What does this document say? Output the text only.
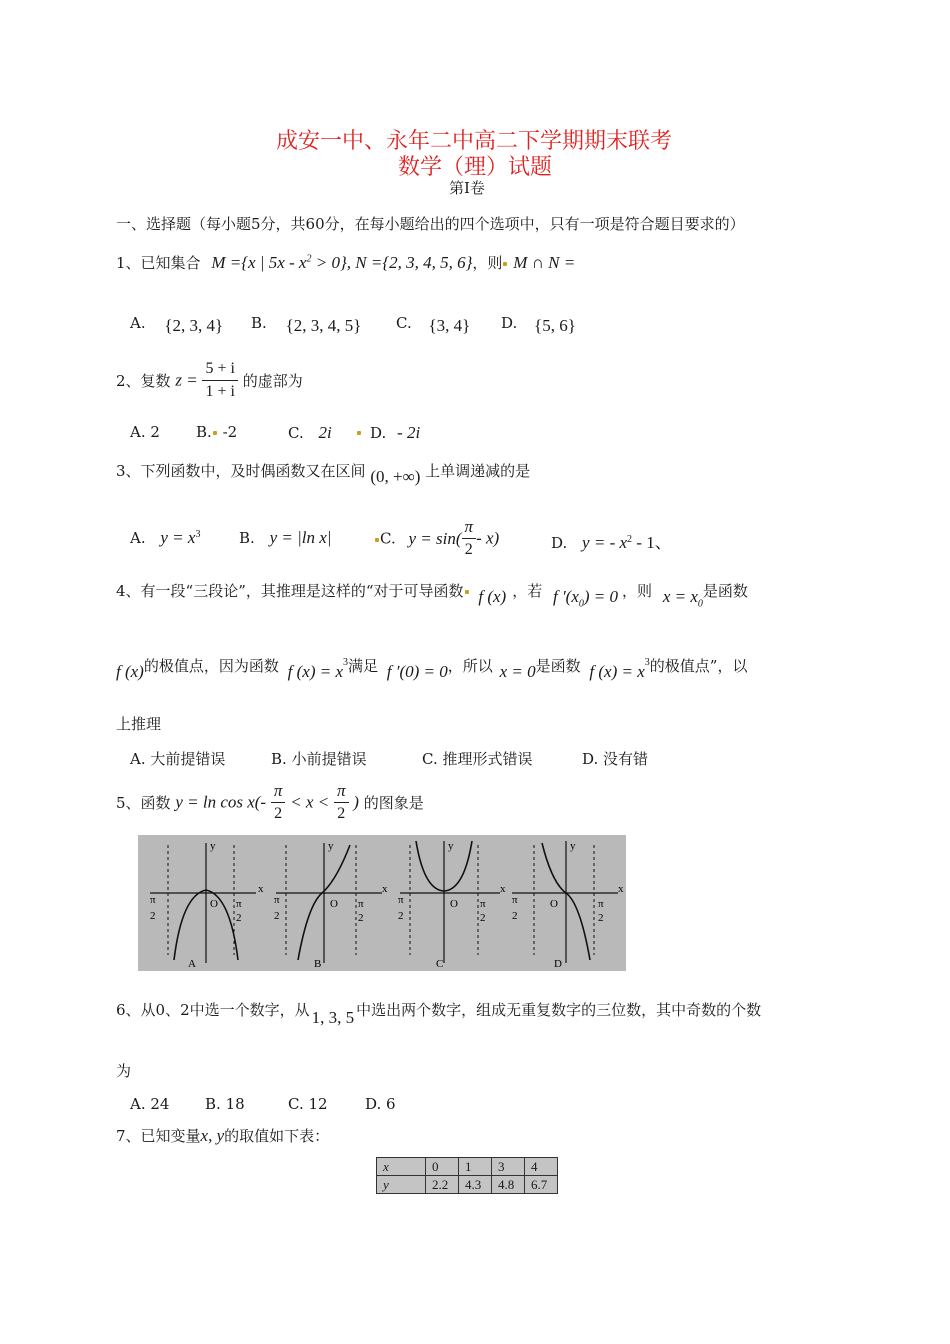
成安一中、永年二中高二下学期期末联考
数学（理）试题
第Ⅰ卷
一、选择题（每小题5分，共60分，在每小题给出的四个选项中，只有一项是符合题目要求的）
1、已知集合 M ={x | $5x - x^2 > 0$}, N ={2, 3, 4, 5, 6}，则 M ∩ N =
A. {2, 3, 4} B. {2, 3, 4, 5} C. {3, 4} D. {5, 6}
2、复数 $z = \frac{5 + i}{1 + i}$ 的虚部为
A. 2 B. -2	C. 2i	D. - 2i
3、下列函数中，及时偶函数又在区间 (0, +∞) 上单调递减的是
A. $y = x^3$	B. y = |ln x|	C. $y = \sin( \frac{\pi}{2} - x)$	D. y = - $x^2 - 1$、
4、有一段“三段论”，其推理是这样的“对于可导函数 f (x) ，若 f $'(x_0) = 0$ ，则 $x = x_0$是函数
f (x)的极值点，因为函数 f $(x) = x^3$满足 f ′(0) = 0，所以 x = 0是函数 f $(x) = x^3$的极值点”，以
上推理
A. 大前提错误	B. 小前提错误	C. 推理形式错误	D. 没有错
5、函数 $y = \ln \cos x(- \frac{\pi}{2} < x < \frac{\pi}{2}$ ) 的图象是
x
y
O
π
2
π
2
A
x
y
O
π
2
π
2
B
x
y
O
π
2
π
2
C
x
y
O
π
2
π
2
D
6、从0、2中选一个数字，从 1, 3, 5 中选出两个数字，组成无重复数字的三位数，其中奇数的个数
为
A. 24 B. 18	C. 12 D. 6
7、已知变量x, y的取值如下表：
x	0	1	3	4
y	2.2	4.3	4.8	6.7
